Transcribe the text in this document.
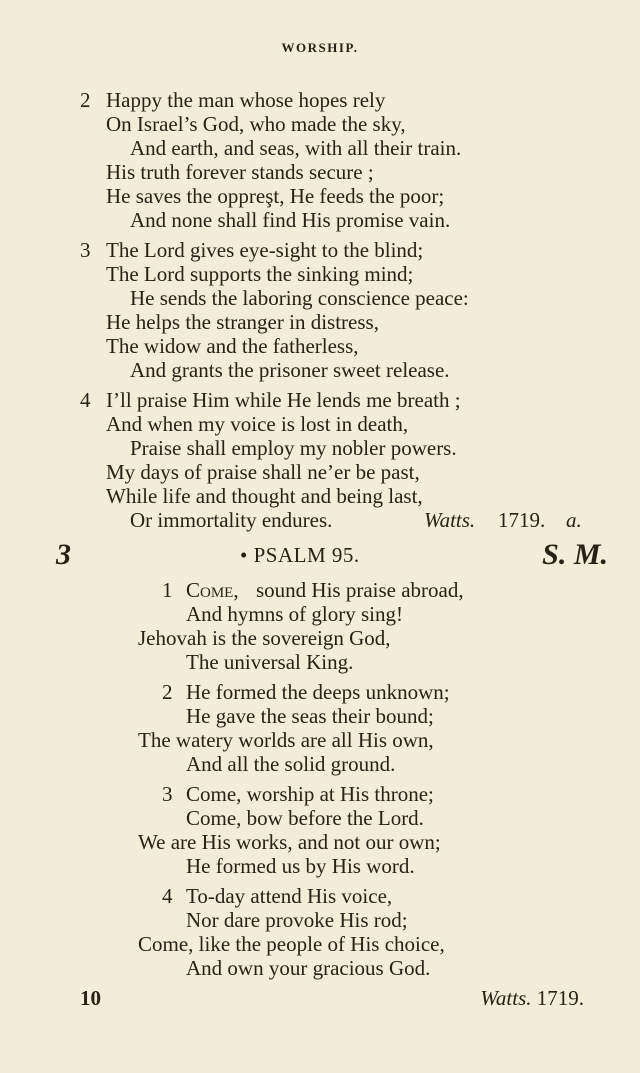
WORSHIP.
2 Happy the man whose hopes rely
On Israel’s God, who made the sky,
And earth, and seas, with all their train.
His truth forever stands secure ;
He saves the oppreşt, He feeds the poor;
And none shall find His promise vain.
3 The Lord gives eye-sight to the blind;
The Lord supports the sinking mind;
He sends the laboring conscience peace:
He helps the stranger in distress,
The widow and the fatherless,
And grants the prisoner sweet release.
4 I’ll praise Him while He lends me breath ;
And when my voice is lost in death,
Praise shall employ my nobler powers.
My days of praise shall ne’er be past,
While life and thought and being last,
Or immortality endures.	Watts. 1719. a.
3	• PSALM 95.	S. M.
1 Come, sound His praise abroad,
And hymns of glory sing!
Jehovah is the sovereign God,
The universal King.
2 He formed the deeps unknown;
He gave the seas their bound;
The watery worlds are all His own,
And all the solid ground.
3 Come, worship at His throne;
Come, bow before the Lord.
We are His works, and not our own;
He formed us by His word.
4 To-day attend His voice,
Nor dare provoke His rod;
Come, like the people of His choice,
And own your gracious God.
10	Watts. 1719.
